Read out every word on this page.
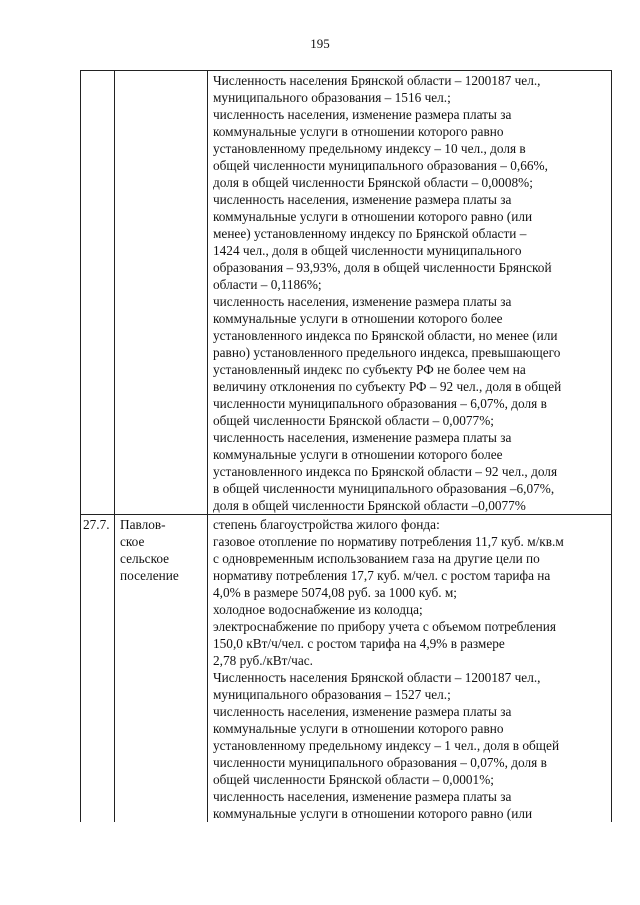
195
Численность населения Брянской области – 1200187 чел.,
муниципального образования – 1516 чел.;
численность населения, изменение размера платы за
коммунальные услуги в отношении которого равно
установленному предельному индексу – 10 чел., доля в
общей численности муниципального образования – 0,66%,
доля в общей численности Брянской области – 0,0008%;
численность населения, изменение размера платы за
коммунальные услуги в отношении которого равно (или
менее) установленному индексу по Брянской области –
1424 чел., доля в общей численности муниципального
образования – 93,93%, доля в общей численности Брянской
области – 0,1186%;
численность населения, изменение размера платы за
коммунальные услуги в отношении которого более
установленного индекса по Брянской области, но менее (или
равно) установленного предельного индекса, превышающего
установленный индекс по субъекту РФ не более чем на
величину отклонения по субъекту РФ – 92 чел., доля в общей
численности муниципального образования – 6,07%, доля в
общей численности Брянской области – 0,0077%;
численность населения, изменение размера платы за
коммунальные услуги в отношении которого более
установленного индекса по Брянской области – 92 чел., доля
в общей численности муниципального образования –6,07%,
доля в общей численности Брянской области –0,0077%
27.7. Павлов-
ское
сельское
поселение
степень благоустройства жилого фонда:
газовое отопление по нормативу потребления 11,7 куб. м/кв.м
с одновременным использованием газа на другие цели по
нормативу потребления 17,7 куб. м/чел. с ростом тарифа на
4,0% в размере 5074,08 руб. за 1000 куб. м;
холодное водоснабжение из колодца;
электроснабжение по прибору учета с объемом потребления
150,0 кВт/ч/чел. с ростом тарифа на 4,9% в размере
2,78 руб./кВт/час.
Численность населения Брянской области – 1200187 чел.,
муниципального образования – 1527 чел.;
численность населения, изменение размера платы за
коммунальные услуги в отношении которого равно
установленному предельному индексу – 1 чел., доля в общей
численности муниципального образования – 0,07%, доля в
общей численности Брянской области – 0,0001%;
численность населения, изменение размера платы за
коммунальные услуги в отношении которого равно (или
